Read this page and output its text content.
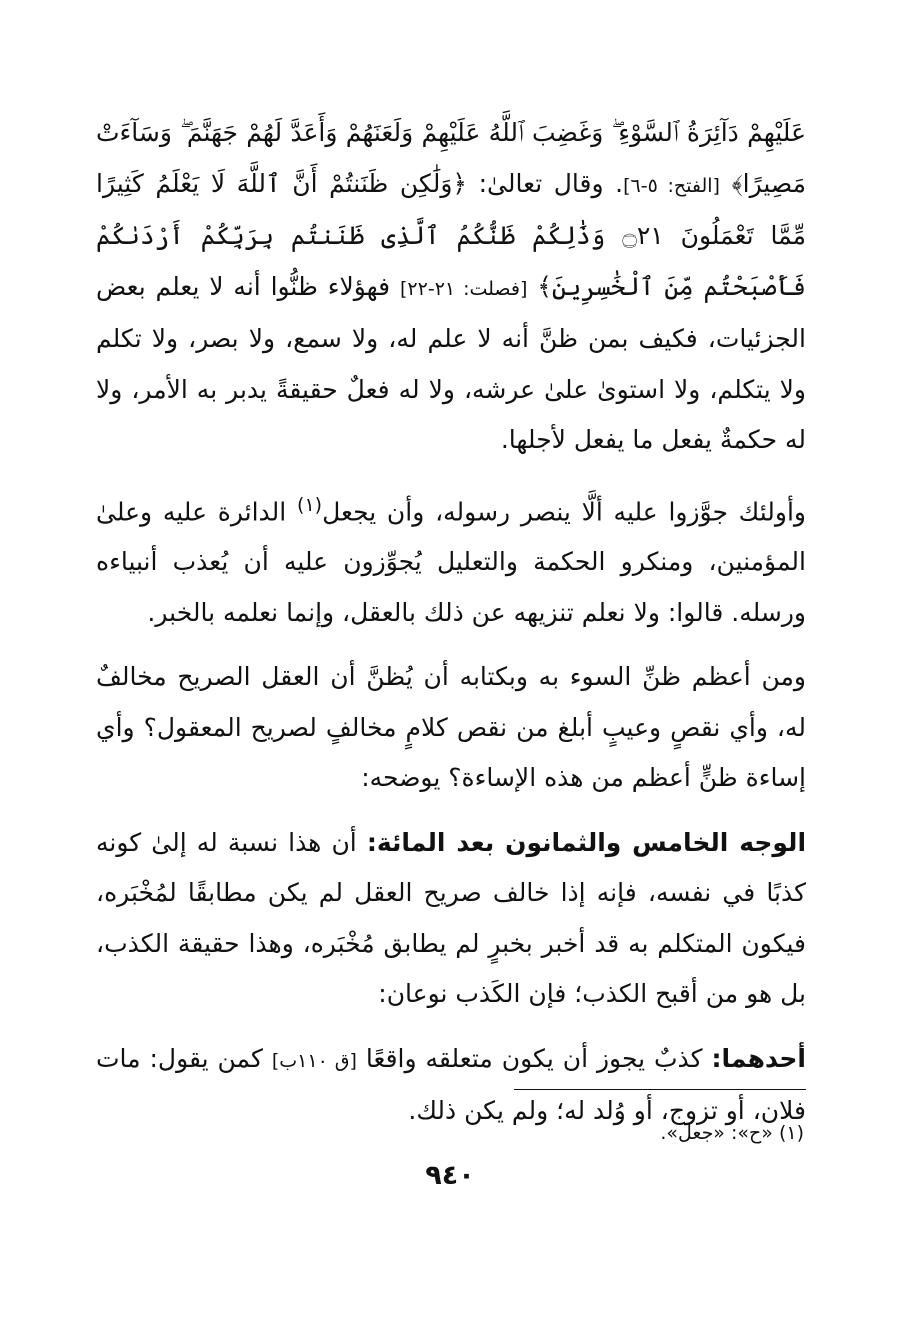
عَلَيْهِمْ دَآئِرَةُ ٱلسَّوْءِ ۖ وَغَضِبَ ٱللَّهُ عَلَيْهِمْ وَلَعَنَهُمْ وَأَعَدَّ لَهُمْ جَهَنَّمَ ۖ وَسَآءَتْ مَصِيرًا﴾ [الفتح: ٥-٦]. وقال تعالىٰ: ﴿وَلَٰكِن ظَنَنتُمْ أَنَّ ٱللَّهَ لَا يَعْلَمُ كَثِيرًا مِّمَّا تَعْمَلُونَ ۝٢١ وَذَٰلِكُمْ ظَنُّكُمُ ٱلَّذِى ظَنَنتُم بِرَبِّكُمْ أَرْدَىٰكُمْ فَأَصْبَحْتُم مِّنَ ٱلْخَٰسِرِينَ﴾ [فصلت: ٢١-٢٢] فهؤلاء ظنُّوا أنه لا يعلم بعض الجزئيات، فكيف بمن ظنَّ أنه لا علم له، ولا سمع، ولا بصر، ولا تكلم ولا يتكلم، ولا استوىٰ علىٰ عرشه، ولا له فعلٌ حقيقةً يدبر به الأمر، ولا له حكمةٌ يفعل ما يفعل لأجلها.

وأولئك جوَّزوا عليه ألَّا ينصر رسوله، وأن يجعل$^{(١)}$ الدائرة عليه وعلىٰ المؤمنين، ومنكرو الحكمة والتعليل يُجوِّزون عليه أن يُعذب أنبياءه ورسله. قالوا: ولا نعلم تنزيهه عن ذلك بالعقل، وإنما نعلمه بالخبر.

ومن أعظم ظنِّ السوء به وبكتابه أن يُظنَّ أن العقل الصريح مخالفٌ له، وأي نقصٍ وعيبٍ أبلغ من نقص كلامٍ مخالفٍ لصريح المعقول؟ وأي إساءة ظنٍّ أعظم من هذه الإساءة؟ يوضحه:

الوجه الخامس والثمانون بعد المائة: أن هذا نسبة له إلىٰ كونه كذبًا في نفسه، فإنه إذا خالف صريح العقل لم يكن مطابقًا لمُخْبَره، فيكون المتكلم به قد أخبر بخبرٍ لم يطابق مُخْبَره، وهذا حقيقة الكذب، بل هو من أقبح الكذب؛ فإن الكَذب نوعان:

أحدهما: كذبٌ يجوز أن يكون متعلقه واقعًا [ق ١١٠ب] كمن يقول: مات فلان، أو تزوج، أو وُلد له؛ ولم يكن ذلك.

(١) «ح»: «جعل».
٩٤٠
